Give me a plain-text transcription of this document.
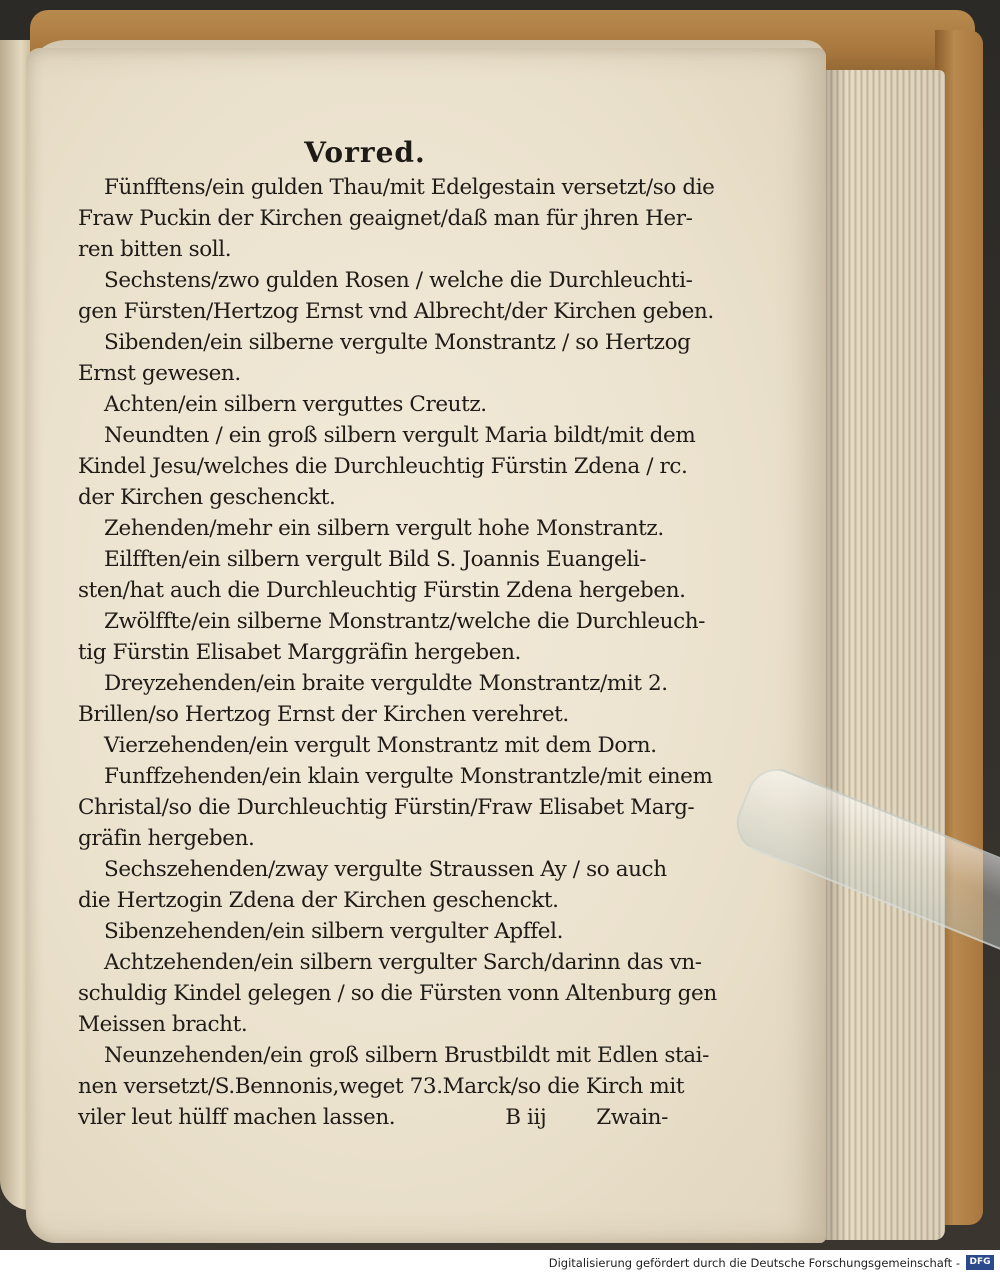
Vorred.
Fünfftens/ein gulden Thau/mit Edelgestain versetzt/so die
Fraw Puckin der Kirchen geaignet/daß man für jhren Her-
ren bitten soll.
Sechstens/zwo gulden Rosen / welche die Durchleuchti-
gen Fürsten/Hertzog Ernst vnd Albrecht/der Kirchen geben.
Sibenden/ein silberne vergulte Monstrantz / so Hertzog
Ernst gewesen.
Achten/ein silbern verguttes Creutz.
Neundten / ein groß silbern vergult Maria bildt/mit dem
Kindel Jesu/welches die Durchleuchtig Fürstin Zdena / rc.
der Kirchen geschenckt.
Zehenden/mehr ein silbern vergult hohe Monstrantz.
Eilfften/ein silbern vergult Bild S. Joannis Euangeli-
sten/hat auch die Durchleuchtig Fürstin Zdena hergeben.
Zwölffte/ein silberne Monstrantz/welche die Durchleuch-
tig Fürstin Elisabet Marggräfin hergeben.
Dreyzehenden/ein braite verguldte Monstrantz/mit 2.
Brillen/so Hertzog Ernst der Kirchen verehret.
Vierzehenden/ein vergult Monstrantz mit dem Dorn.
Funffzehenden/ein klain vergulte Monstrantzle/mit einem
Christal/so die Durchleuchtig Fürstin/Fraw Elisabet Marg-
gräfin hergeben.
Sechszehenden/zway vergulte Straussen Ay / so auch
die Hertzogin Zdena der Kirchen geschenckt.
Sibenzehenden/ein silbern vergulter Apffel.
Achtzehenden/ein silbern vergulter Sarch/darinn das vn-
schuldig Kindel gelegen / so die Fürsten vonn Altenburg gen
Meissen bracht.
Neunzehenden/ein groß silbern Brustbildt mit Edlen stai-
nen versetzt/S.Bennonis,weget 73.Marck/so die Kirch mit
viler leut hülff machen lassen.	B iij Zwain-
Digitalisierung gefördert durch die Deutsche Forschungsgemeinschaft -	DFG
